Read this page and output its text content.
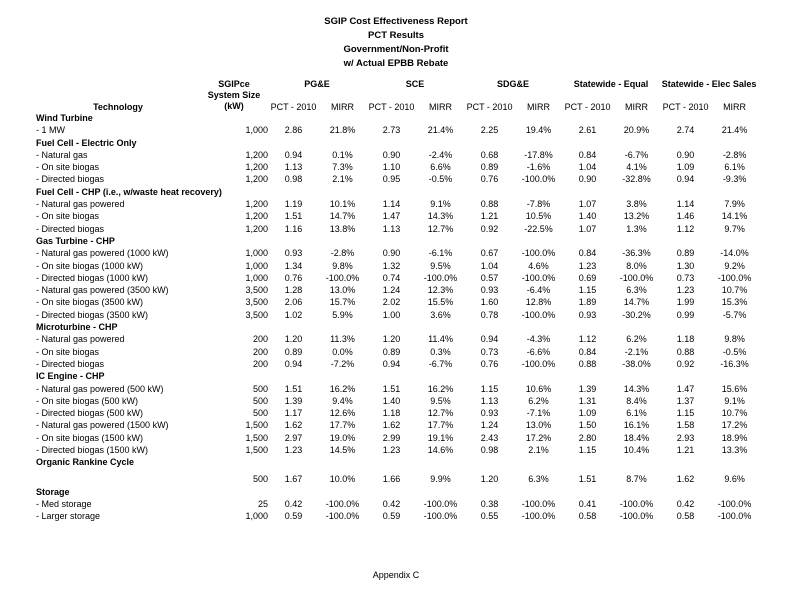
SGIP Cost Effectiveness Report
PCT Results
Government/Non-Profit
w/ Actual EPBB Rebate

	SGIPce
System Size
(kW)	PG&E		SCE		SDG&E		Statewide - Equal		Statewide - Elec Sales	
Technology		PCT - 2010	MIRR	PCT - 2010	MIRR	PCT - 2010	MIRR	PCT - 2010	MIRR	PCT - 2010	MIRR
Wind Turbine											
- 1 MW	1,000	2.86	21.8%	2.73	21.4%	2.25	19.4%	2.61	20.9%	2.74	21.4%
Fuel Cell - Electric Only											
- Natural gas	1,200	0.94	0.1%	0.90	-2.4%	0.68	-17.8%	0.84	-6.7%	0.90	-2.8%
- On site biogas	1,200	1.13	7.3%	1.10	6.6%	0.89	-1.6%	1.04	4.1%	1.09	6.1%
- Directed biogas	1,200	0.98	2.1%	0.95	-0.5%	0.76	-100.0%	0.90	-32.8%	0.94	-9.3%
Fuel Cell - CHP (i.e., w/waste heat recovery)											
- Natural gas powered	1,200	1.19	10.1%	1.14	9.1%	0.88	-7.8%	1.07	3.8%	1.14	7.9%
- On site biogas	1,200	1.51	14.7%	1.47	14.3%	1.21	10.5%	1.40	13.2%	1.46	14.1%
- Directed biogas	1,200	1.16	13.8%	1.13	12.7%	0.92	-22.5%	1.07	1.3%	1.12	9.7%
Gas Turbine - CHP											
- Natural gas powered (1000 kW)	1,000	0.93	-2.8%	0.90	-6.1%	0.67	-100.0%	0.84	-36.3%	0.89	-14.0%
- On site biogas (1000 kW)	1,000	1.34	9.8%	1.32	9.5%	1.04	4.6%	1.23	8.0%	1.30	9.2%
- Directed biogas (1000 kW)	1,000	0.76	-100.0%	0.74	-100.0%	0.57	-100.0%	0.69	-100.0%	0.73	-100.0%
- Natural gas powered (3500 kW)	3,500	1.28	13.0%	1.24	12.3%	0.93	-6.4%	1.15	6.3%	1.23	10.7%
- On site biogas (3500 kW)	3,500	2.06	15.7%	2.02	15.5%	1.60	12.8%	1.89	14.7%	1.99	15.3%
- Directed biogas (3500 kW)	3,500	1.02	5.9%	1.00	3.6%	0.78	-100.0%	0.93	-30.2%	0.99	-5.7%
Microturbine - CHP											
- Natural gas powered	200	1.20	11.3%	1.20	11.4%	0.94	-4.3%	1.12	6.2%	1.18	9.8%
- On site biogas	200	0.89	0.0%	0.89	0.3%	0.73	-6.6%	0.84	-2.1%	0.88	-0.5%
- Directed biogas	200	0.94	-7.2%	0.94	-6.7%	0.76	-100.0%	0.88	-38.0%	0.92	-16.3%
IC Engine - CHP											
- Natural gas powered (500 kW)	500	1.51	16.2%	1.51	16.2%	1.15	10.6%	1.39	14.3%	1.47	15.6%
- On site biogas (500 kW)	500	1.39	9.4%	1.40	9.5%	1.13	6.2%	1.31	8.4%	1.37	9.1%
- Directed biogas (500 kW)	500	1.17	12.6%	1.18	12.7%	0.93	-7.1%	1.09	6.1%	1.15	10.7%
- Natural gas powered (1500 kW)	1,500	1.62	17.7%	1.62	17.7%	1.24	13.0%	1.50	16.1%	1.58	17.2%
- On site biogas (1500 kW)	1,500	2.97	19.0%	2.99	19.1%	2.43	17.2%	2.80	18.4%	2.93	18.9%
- Directed biogas (1500 kW)	1,500	1.23	14.5%	1.23	14.6%	0.98	2.1%	1.15	10.4%	1.21	13.3%
Organic Rankine Cycle											
	500	1.67	10.0%	1.66	9.9%	1.20	6.3%	1.51	8.7%	1.62	9.6%
Storage											
- Med storage	25	0.42	-100.0%	0.42	-100.0%	0.38	-100.0%	0.41	-100.0%	0.42	-100.0%
- Larger storage	1,000	0.59	-100.0%	0.59	-100.0%	0.55	-100.0%	0.58	-100.0%	0.58	-100.0%
Appendix C
